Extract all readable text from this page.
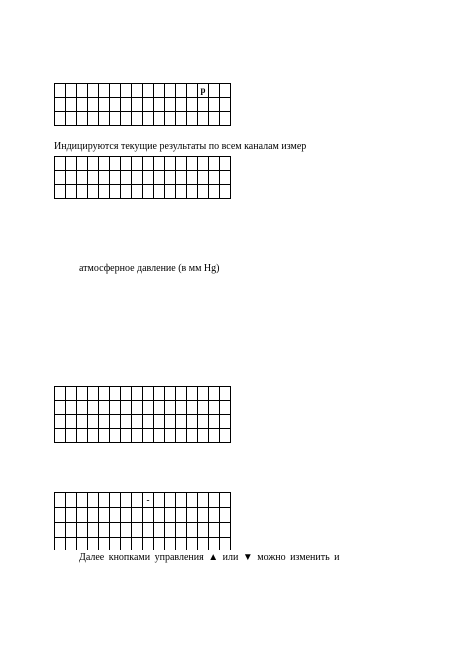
													р		

Индицируются текущие результаты по всем каналам измер

атмосферное давление (в мм Hg)

								-							

Далее кнопками управления ▲ или ▼ можно изменить и
